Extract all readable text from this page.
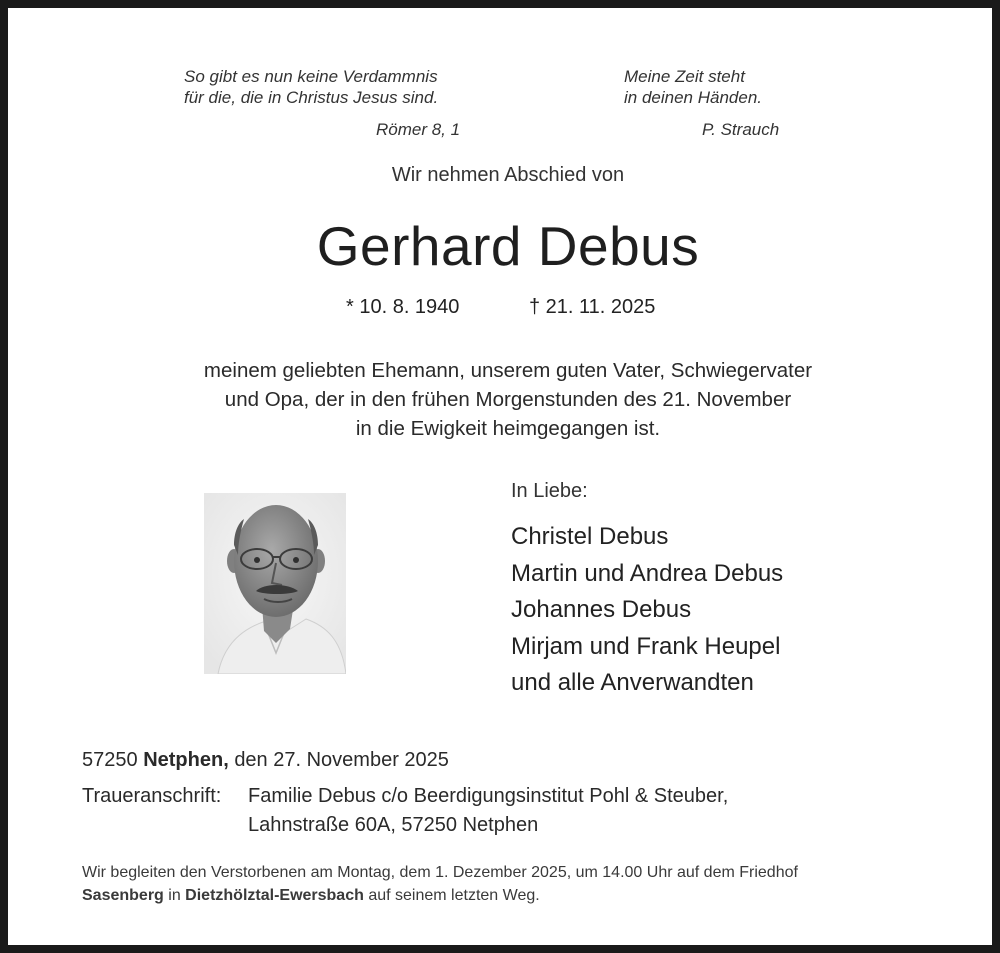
So gibt es nun keine Verdammnis
für die, die in Christus Jesus sind.
Römer 8, 1
Meine Zeit steht
in deinen Händen.
P. Strauch
Wir nehmen Abschied von
Gerhard Debus
* 10. 8. 1940	† 21. 11. 2025
meinem geliebten Ehemann, unserem guten Vater, Schwiegervater
und Opa, der in den frühen Morgenstunden des 21. November
in die Ewigkeit heimgegangen ist.
In Liebe:
Christel Debus
Martin und Andrea Debus
Johannes Debus
Mirjam und Frank Heupel
und alle Anverwandten
57250 Netphen, den 27. November 2025
Traueranschrift: Familie Debus c/o Beerdigungsinstitut Pohl & Steuber,
Lahnstraße 60A, 57250 Netphen
Wir begleiten den Verstorbenen am Montag, dem 1. Dezember 2025, um 14.00 Uhr auf dem Friedhof
Sasenberg in Dietzhölztal-Ewersbach auf seinem letzten Weg.
